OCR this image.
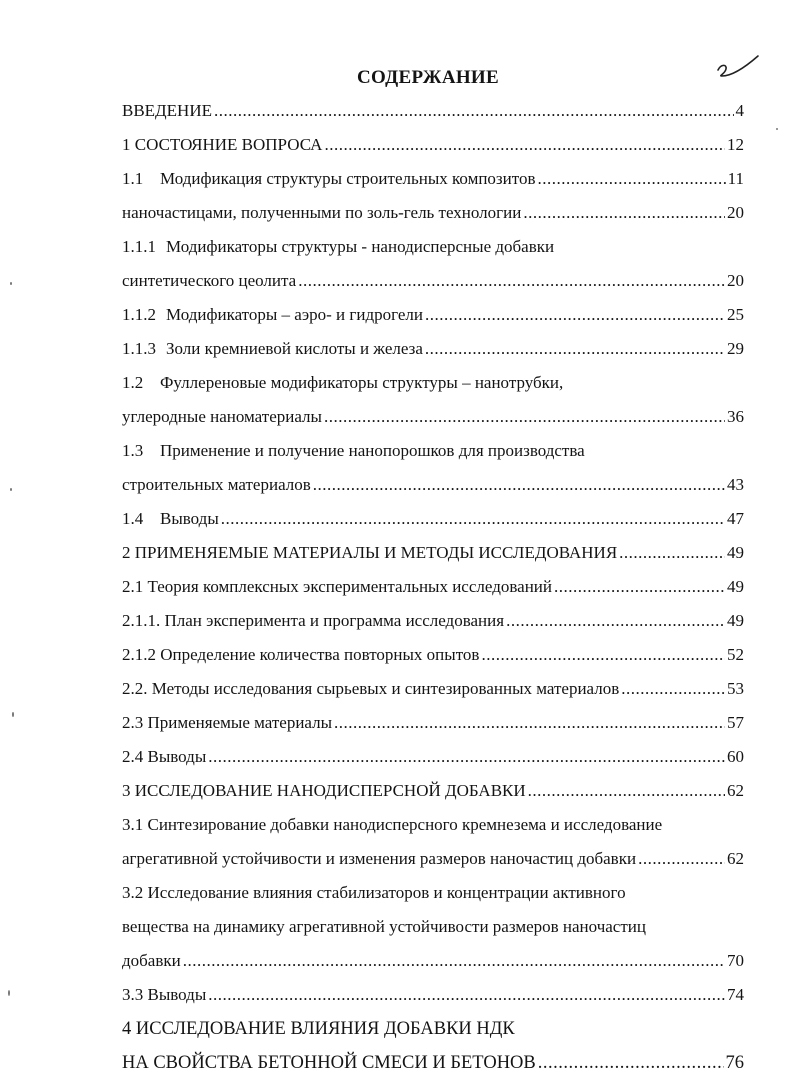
СОДЕРЖАНИЕ
ВВЕДЕНИЕ .....	4
1 СОСТОЯНИЕ ВОПРОСА .....	12
1.1 Модификация структуры строительных композитов .....	11
наночастицами, полученными по золь-гель технологии .....	20
1.1.1 Модификаторы структуры - нанодисперсные добавки
синтетического цеолита .....	20
1.1.2 Модификаторы – аэро- и гидрогели .....	25
1.1.3 Золи кремниевой кислоты и железа .....	29
1.2 Фуллереновые модификаторы структуры – нанотрубки,
углеродные наноматериалы .....	36
1.3 Применение и получение нанопорошков для производства
строительных материалов .....	43
1.4 Выводы .....	47
2 ПРИМЕНЯЕМЫЕ МАТЕРИАЛЫ И МЕТОДЫ ИССЛЕДОВАНИЯ .....	49
2.1 Теория комплексных экспериментальных исследований .....	49
2.1.1. План эксперимента и программа исследования .....	49
2.1.2 Определение количества повторных опытов .....	52
2.2. Методы исследования сырьевых и синтезированных материалов .....	53
2.3 Применяемые материалы .....	57
2.4 Выводы .....	60
3 ИССЛЕДОВАНИЕ НАНОДИСПЕРСНОЙ ДОБАВКИ .....	62
3.1 Синтезирование добавки нанодисперсного кремнезема и исследование
агрегативной устойчивости и изменения размеров наночастиц добавки .....	62
3.2 Исследование влияния стабилизаторов и концентрации активного
вещества на динамику агрегативной устойчивости размеров наночастиц
добавки .....	70
3.3 Выводы .....	74
4 ИССЛЕДОВАНИЕ ВЛИЯНИЯ ДОБАВКИ НДК
НА СВОЙСТВА БЕТОННОЙ СМЕСИ И БЕТОНОВ .....	76
